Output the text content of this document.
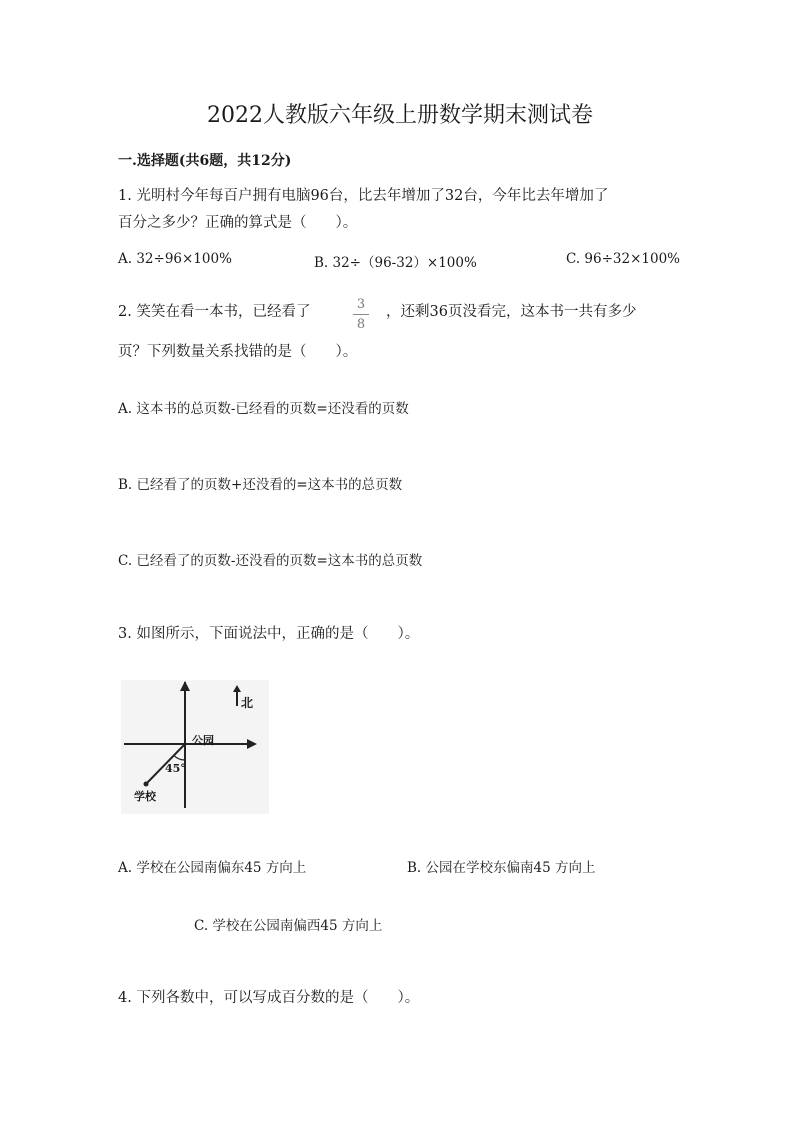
2022人教版六年级上册数学期末测试卷
一.选择题(共6题，共12分)
1. 光明村今年每百户拥有电脑96台，比去年增加了32台，今年比去年增加了
百分之多少？正确的算式是（　　）。
A. 32÷96×100%	B. 32÷（96-32）×100%	C. 96÷32×100%
2. 笑笑在看一本书，已经看了	3
8
，还剩36页没看完，这本书一共有多少
页？下列数量关系找错的是（　　）。
A. 这本书的总页数-已经看的页数=还没看的页数
B. 已经看了的页数+还没看的=这本书的总页数
C. 已经看了的页数-还没看的页数=这本书的总页数
3. 如图所示，下面说法中，正确的是（　　）。
北
公园
45°
学校
A. 学校在公园南偏东45 方向上	B. 公园在学校东偏南45 方向上
C. 学校在公园南偏西45 方向上
4. 下列各数中，可以写成百分数的是（　　）。
